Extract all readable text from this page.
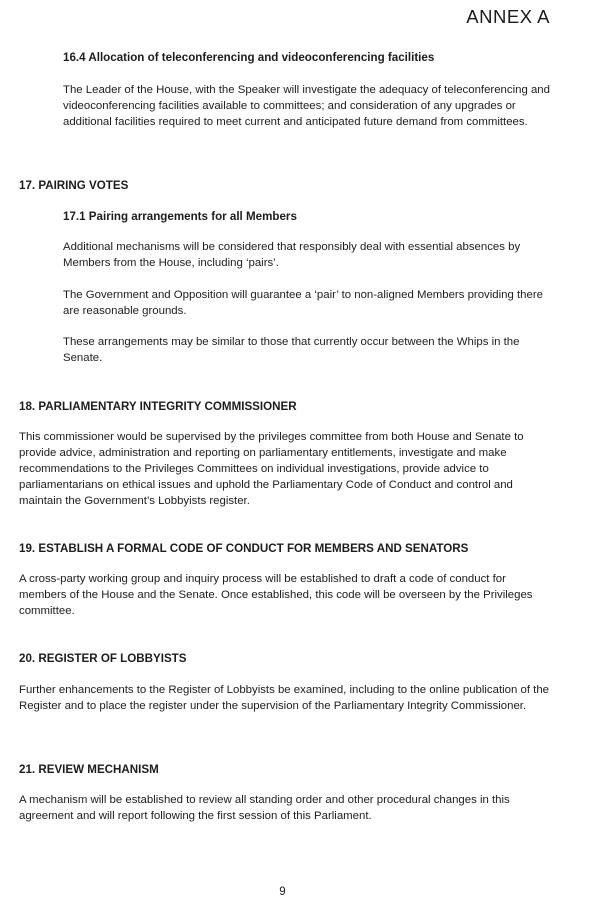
ANNEX A

16.4 Allocation of teleconferencing and videoconferencing facilities

The Leader of the House, with the Speaker will investigate the adequacy of teleconferencing and videoconferencing facilities available to committees; and consideration of any upgrades or additional facilities required to meet current and anticipated future demand from committees.

17. PAIRING VOTES

17.1 Pairing arrangements for all Members

Additional mechanisms will be considered that responsibly deal with essential absences by Members from the House, including ‘pairs’.

The Government and Opposition will guarantee a ‘pair’ to non-aligned Members providing there are reasonable grounds.

These arrangements may be similar to those that currently occur between the Whips in the Senate.

18. PARLIAMENTARY INTEGRITY COMMISSIONER

This commissioner would be supervised by the privileges committee from both House and Senate to provide advice, administration and reporting on parliamentary entitlements, investigate and make recommendations to the Privileges Committees on individual investigations, provide advice to parliamentarians on ethical issues and uphold the Parliamentary Code of Conduct and control and maintain the Government’s Lobbyists register.

19. ESTABLISH A FORMAL CODE OF CONDUCT FOR MEMBERS AND SENATORS

A cross-party working group and inquiry process will be established to draft a code of conduct for members of the House and the Senate. Once established, this code will be overseen by the Privileges committee.

20. REGISTER OF LOBBYISTS

Further enhancements to the Register of Lobbyists be examined, including to the online publication of the Register and to place the register under the supervision of the Parliamentary Integrity Commissioner.

21. REVIEW MECHANISM

A mechanism will be established to review all standing order and other procedural changes in this agreement and will report following the first session of this Parliament.

9
